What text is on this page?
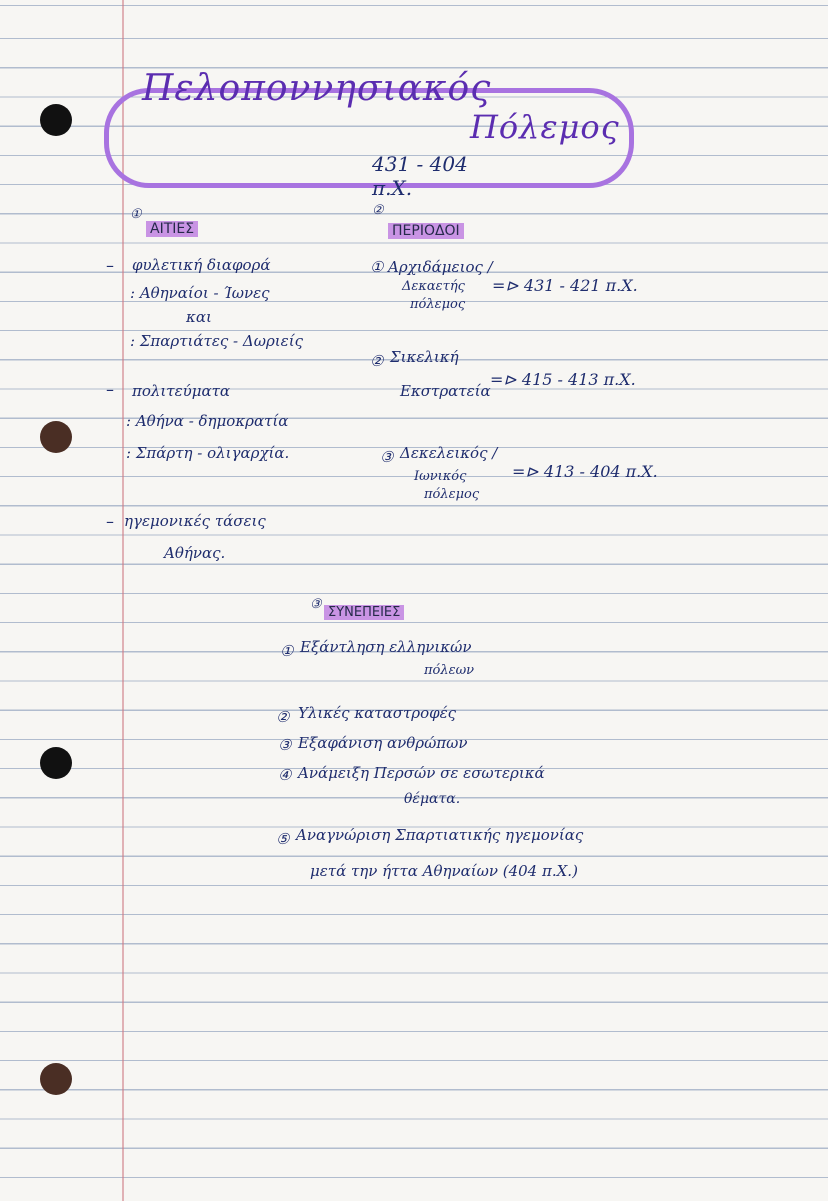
Πελοποννησιακός
Πόλεμος
431 - 404 π.Χ.
①
ΑΙΤΙΕΣ
– φυλετική διαφορά
: Αθηναίοι - Ίωνες
και
: Σπαρτιάτες - Δωριείς
– πολιτεύματα
: Αθήνα - δημοκρατία
: Σπάρτη - ολιγαρχία.
– ηγεμονικές τάσεις
Αθήνας.
②
ΠΕΡΙΟΔΟΙ
① Αρχιδάμειος /
Δεκαετής
πόλεμος
=⊳ 431 - 421 π.Χ.
② Σικελική
Εκστρατεία
=⊳ 415 - 413 π.Χ.
③ Δεκελεικός /
Ιωνικός
πόλεμος
=⊳ 413 - 404 π.Χ.
③
ΣΥΝΕΠΕΙΕΣ
① Εξάντληση ελληνικών
πόλεων
② Υλικές καταστροφές
③ Εξαφάνιση ανθρώπων
④ Ανάμειξη Περσών σε εσωτερικά
θέματα.
⑤ Αναγνώριση Σπαρτιατικής ηγεμονίας
μετά την ήττα Αθηναίων (404 π.Χ.)
